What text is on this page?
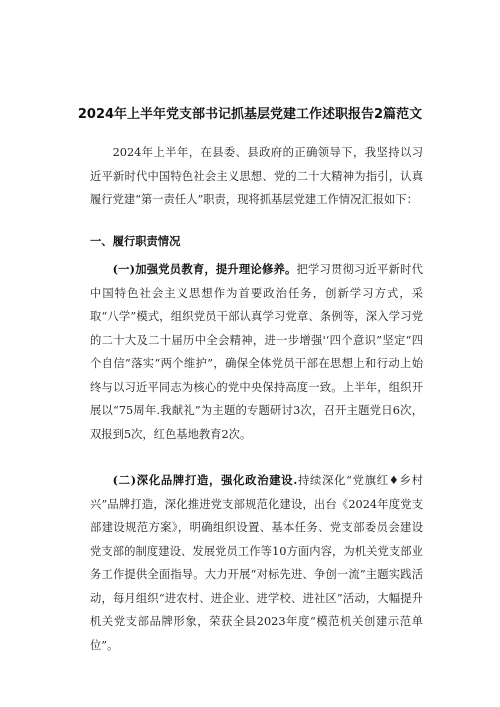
2024年上半年党支部书记抓基层党建工作述职报告2篇范文

2024年上半年，在县委、县政府的正确领导下，我坚持以习近平新时代中国特色社会主义思想、党的二十大精神为指引，认真履行党建“第一责任人”职责，现将抓基层党建工作情况汇报如下：

一、履行职责情况

(一)加强党员教育，提升理论修养。把学习贯彻习近平新时代中国特色社会主义思想作为首要政治任务，创新学习方式，采取“八学”模式，组织党员干部认真学习党章、条例等，深入学习党的二十大及二十届历中全会精神，进一步增强'‘四个意识”坚定“四个自信”落实“两个维护”，确保全体党员干部在思想上和行动上始终与以习近平同志为核心的党中央保持高度一致。上半年，组织开展以“75周年.我献礼”为主题的专题研讨3次，召开主题党日6次，双报到5次，红色基地教育2次。

(二)深化品牌打造，强化政治建设.持续深化“党旗红♦乡村兴”品牌打造，深化推进党支部规范化建设，出台《2024年度党支部建设规范方案》，明确组织设置、基本任务、党支部委员会建设党支部的制度建设、发展党员工作等10方面内容，为机关党支部业务工作提供全面指导。大力开展“对标先进、争创一流”主题实践活动，每月组织“进农村、进企业、进学校、进社区”活动，大幅提升机关党支部品牌形象，荣获全县2023年度“模范机关创建示范单位”。
